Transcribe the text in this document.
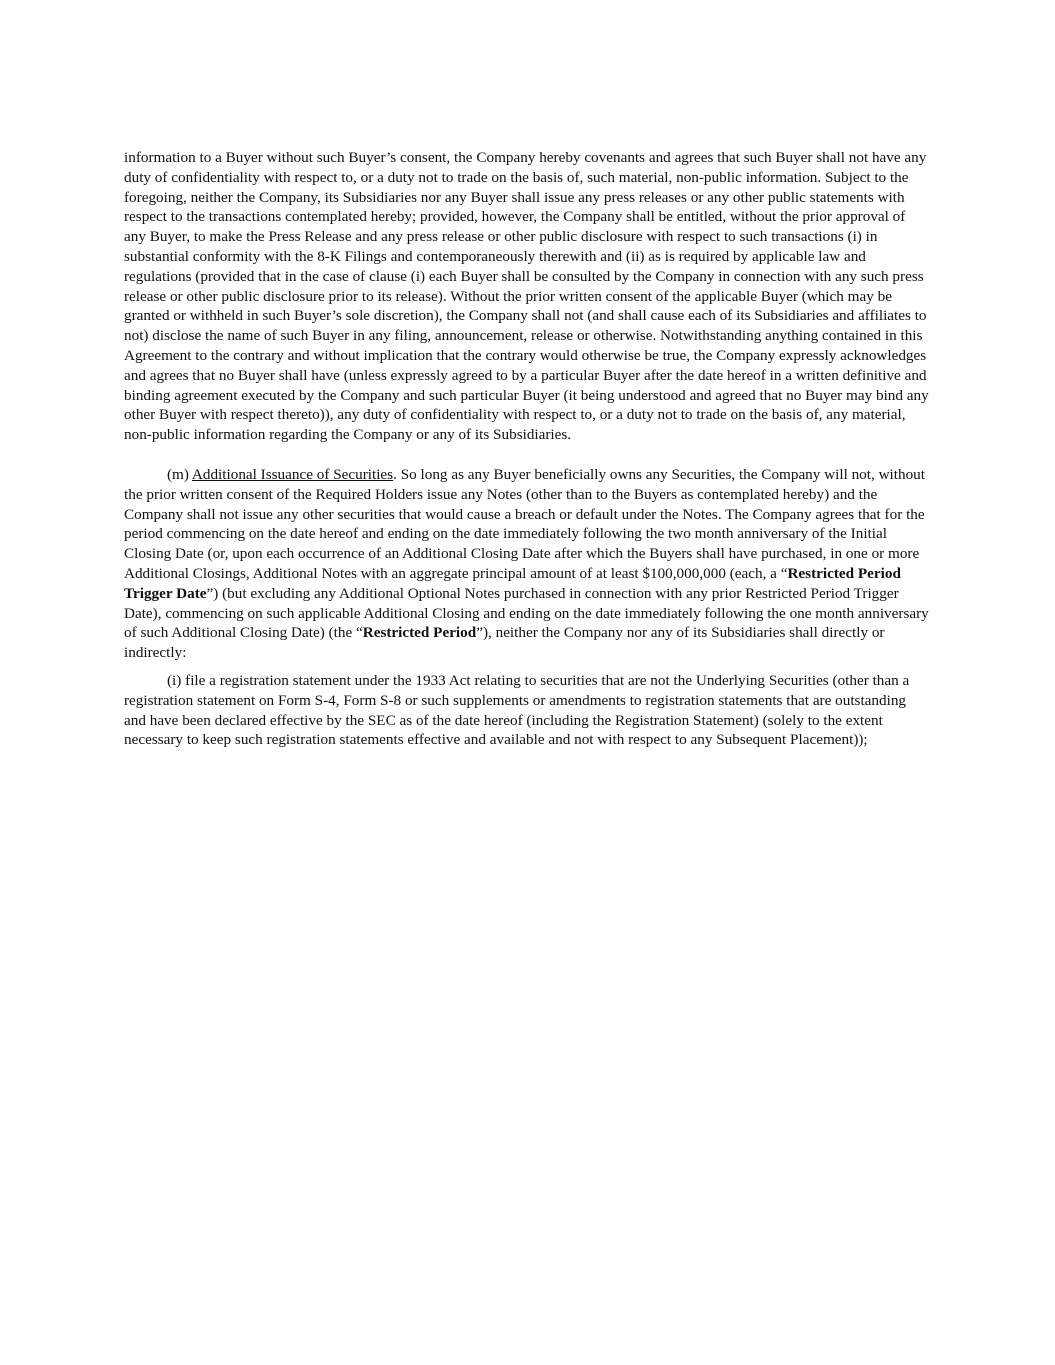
information to a Buyer without such Buyer’s consent, the Company hereby covenants and agrees that such Buyer shall not have any duty of confidentiality with respect to, or a duty not to trade on the basis of, such material, non-public information. Subject to the foregoing, neither the Company, its Subsidiaries nor any Buyer shall issue any press releases or any other public statements with respect to the transactions contemplated hereby; provided, however, the Company shall be entitled, without the prior approval of any Buyer, to make the Press Release and any press release or other public disclosure with respect to such transactions (i) in substantial conformity with the 8-K Filings and contemporaneously therewith and (ii) as is required by applicable law and regulations (provided that in the case of clause (i) each Buyer shall be consulted by the Company in connection with any such press release or other public disclosure prior to its release). Without the prior written consent of the applicable Buyer (which may be granted or withheld in such Buyer’s sole discretion), the Company shall not (and shall cause each of its Subsidiaries and affiliates to not) disclose the name of such Buyer in any filing, announcement, release or otherwise. Notwithstanding anything contained in this Agreement to the contrary and without implication that the contrary would otherwise be true, the Company expressly acknowledges and agrees that no Buyer shall have (unless expressly agreed to by a particular Buyer after the date hereof in a written definitive and binding agreement executed by the Company and such particular Buyer (it being understood and agreed that no Buyer may bind any other Buyer with respect thereto)), any duty of confidentiality with respect to, or a duty not to trade on the basis of, any material, non-public information regarding the Company or any of its Subsidiaries.

(m) Additional Issuance of Securities. So long as any Buyer beneficially owns any Securities, the Company will not, without the prior written consent of the Required Holders issue any Notes (other than to the Buyers as contemplated hereby) and the Company shall not issue any other securities that would cause a breach or default under the Notes. The Company agrees that for the period commencing on the date hereof and ending on the date immediately following the two month anniversary of the Initial Closing Date (or, upon each occurrence of an Additional Closing Date after which the Buyers shall have purchased, in one or more Additional Closings, Additional Notes with an aggregate principal amount of at least $100,000,000 (each, a “Restricted Period Trigger Date”) (but excluding any Additional Optional Notes purchased in connection with any prior Restricted Period Trigger Date), commencing on such applicable Additional Closing and ending on the date immediately following the one month anniversary of such Additional Closing Date) (the “Restricted Period”), neither the Company nor any of its Subsidiaries shall directly or indirectly:

(i) file a registration statement under the 1933 Act relating to securities that are not the Underlying Securities (other than a registration statement on Form S-4, Form S-8 or such supplements or amendments to registration statements that are outstanding and have been declared effective by the SEC as of the date hereof (including the Registration Statement) (solely to the extent necessary to keep such registration statements effective and available and not with respect to any Subsequent Placement));
